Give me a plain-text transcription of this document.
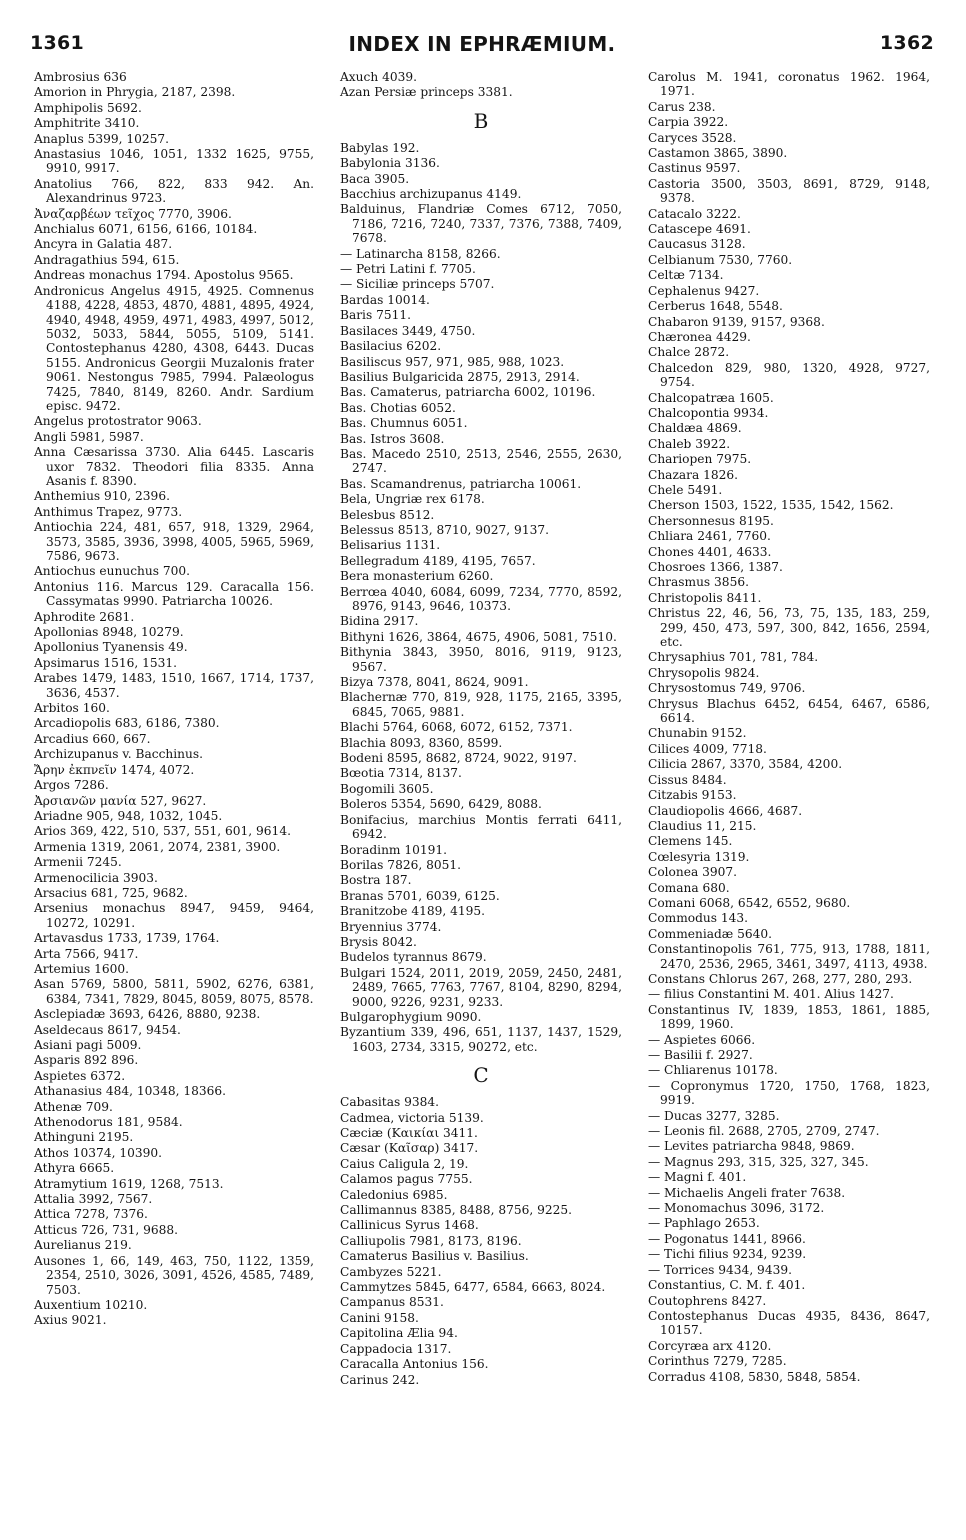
1361	INDEX IN EPHRÆMIUM.	1362
Ambrosius 636
Amorion in Phrygia, 2187, 2398.
Amphipolis 5692.
Amphitrite 3410.
Anaplus 5399, 10257.
Anastasius 1046, 1051, 1332 1625, 9755, 9910, 9917.
Anatolius 766, 822, 833 942. An. Alexandrinus 9723.
Ἀναζαρβέων τεῖχος 7770, 3906.
Anchialus 6071, 6156, 6166, 10184.
Ancyra in Galatia 487.
Andragathius 594, 615.
Andreas monachus 1794. Apostolus 9565.
Andronicus Angelus 4915, 4925. Comnenus 4188, 4228, 4853, 4870, 4881, 4895, 4924, 4940, 4948, 4959, 4971, 4983, 4997, 5012, 5032, 5033, 5844, 5055, 5109, 5141. Contostephanus 4280, 4308, 6443. Ducas 5155. Andronicus Georgii Muzalonis frater 9061. Nestongus 7985, 7994. Palæologus 7425, 7840, 8149, 8260. Andr. Sardium episc. 9472.
Angelus protostrator 9063.
Angli 5981, 5987.
Anna Cæsarissa 3730. Alia 6445. Lascaris uxor 7832. Theodori filia 8335. Anna Asanis f. 8390.
Anthemius 910, 2396.
Anthimus Trapez, 9773.
Antiochia 224, 481, 657, 918, 1329, 2964, 3573, 3585, 3936, 3998, 4005, 5965, 5969, 7586, 9673.
Antiochus eunuchus 700.
Antonius 116. Marcus 129. Caracalla 156. Cassymatas 9990. Patriarcha 10026.
Aphrodite 2681.
Apollonias 8948, 10279.
Apollonius Tyanensis 49.
Apsimarus 1516, 1531.
Arabes 1479, 1483, 1510, 1667, 1714, 1737, 3636, 4537.
Arbitos 160.
Arcadiopolis 683, 6186, 7380.
Arcadius 660, 667.
Archizupanus v. Bacchinus.
Ἄρην ἐκπνεῖν 1474, 4072.
Argos 7286.
Ἀρσιανῶν μανία 527, 9627.
Ariadne 905, 948, 1032, 1045.
Arios 369, 422, 510, 537, 551, 601, 9614.
Armenia 1319, 2061, 2074, 2381, 3900.
Armenii 7245.
Armenocilicia 3903.
Arsacius 681, 725, 9682.
Arsenius monachus 8947, 9459, 9464, 10272, 10291.
Artavasdus 1733, 1739, 1764.
Arta 7566, 9417.
Artemius 1600.
Asan 5769, 5800, 5811, 5902, 6276, 6381, 6384, 7341, 7829, 8045, 8059, 8075, 8578.
Asclepiadæ 3693, 6426, 8880, 9238.
Aseldecaus 8617, 9454.
Asiani pagi 5009.
Asparis 892 896.
Aspietes 6372.
Athanasius 484, 10348, 18366.
Athenæ 709.
Athenodorus 181, 9584.
Athinguni 2195.
Athos 10374, 10390.
Athyra 6665.
Atramytium 1619, 1268, 7513.
Attalia 3992, 7567.
Attica 7278, 7376.
Atticus 726, 731, 9688.
Aurelianus 219.
Ausones 1, 66, 149, 463, 750, 1122, 1359, 2354, 2510, 3026, 3091, 4526, 4585, 7489, 7503.
Auxentium 10210.
Axius 9021.
Axuch 4039.
Azan Persiæ princeps 3381.
B
Babylas 192.
Babylonia 3136.
Baca 3905.
Bacchius archizupanus 4149.
Balduinus, Flandriæ Comes 6712, 7050, 7186, 7216, 7240, 7337, 7376, 7388, 7409, 7678.
— Latinarcha 8158, 8266.
— Petri Latini f. 7705.
— Siciliæ princeps 5707.
Bardas 10014.
Baris 7511.
Basilaces 3449, 4750.
Basilacius 6202.
Basiliscus 957, 971, 985, 988, 1023.
Basilius Bulgaricida 2875, 2913, 2914.
Bas. Camaterus, patriarcha 6002, 10196.
Bas. Chotias 6052.
Bas. Chumnus 6051.
Bas. Istros 3608.
Bas. Macedo 2510, 2513, 2546, 2555, 2630, 2747.
Bas. Scamandrenus, patriarcha 10061.
Bela, Ungriæ rex 6178.
Belesbus 8512.
Belessus 8513, 8710, 9027, 9137.
Belisarius 1131.
Bellegradum 4189, 4195, 7657.
Bera monasterium 6260.
Berrœa 4040, 6084, 6099, 7234, 7770, 8592, 8976, 9143, 9646, 10373.
Bidina 2917.
Bithyni 1626, 3864, 4675, 4906, 5081, 7510.
Bithynia 3843, 3950, 8016, 9119, 9123, 9567.
Bizya 7378, 8041, 8624, 9091.
Blachernæ 770, 819, 928, 1175, 2165, 3395, 6845, 7065, 9881.
Blachi 5764, 6068, 6072, 6152, 7371.
Blachia 8093, 8360, 8599.
Bodeni 8595, 8682, 8724, 9022, 9197.
Bœotia 7314, 8137.
Bogomili 3605.
Boleros 5354, 5690, 6429, 8088.
Bonifacius, marchius Montis ferrati 6411, 6942.
Boradinm 10191.
Borilas 7826, 8051.
Bostra 187.
Branas 5701, 6039, 6125.
Branitzobe 4189, 4195.
Bryennius 3774.
Brysis 8042.
Budelos tyrannus 8679.
Bulgari 1524, 2011, 2019, 2059, 2450, 2481, 2489, 7665, 7763, 7767, 8104, 8290, 8294, 9000, 9226, 9231, 9233.
Bulgarophygium 9090.
Byzantium 339, 496, 651, 1137, 1437, 1529, 1603, 2734, 3315, 90272, etc.
C
Cabasitas 9384.
Cadmea, victoria 5139.
Cæciæ (Καικίαι 3411.
Cæsar (Καῖσαρ) 3417.
Caius Caligula 2, 19.
Calamos pagus 7755.
Caledonius 6985.
Callimannus 8385, 8488, 8756, 9225.
Callinicus Syrus 1468.
Calliupolis 7981, 8173, 8196.
Camaterus Basilius v. Basilius.
Cambyzes 5221.
Cammytzes 5845, 6477, 6584, 6663, 8024.
Campanus 8531.
Canini 9158.
Capitolina Ælia 94.
Cappadocia 1317.
Caracalla Antonius 156.
Carinus 242.
Carolus M. 1941, coronatus 1962. 1964, 1971.
Carus 238.
Carpia 3922.
Caryces 3528.
Castamon 3865, 3890.
Castinus 9597.
Castoria 3500, 3503, 8691, 8729, 9148, 9378.
Catacalo 3222.
Catascepe 4691.
Caucasus 3128.
Celbianum 7530, 7760.
Celtæ 7134.
Cephalenus 9427.
Cerberus 1648, 5548.
Chabaron 9139, 9157, 9368.
Chæronea 4429.
Chalce 2872.
Chalcedon 829, 980, 1320, 4928, 9727, 9754.
Chalcopatræa 1605.
Chalcopontia 9934.
Chaldæa 4869.
Chaleb 3922.
Chariopen 7975.
Chazara 1826.
Chele 5491.
Cherson 1503, 1522, 1535, 1542, 1562.
Chersonnesus 8195.
Chliara 2461, 7760.
Chones 4401, 4633.
Chosroes 1366, 1387.
Chrasmus 3856.
Christopolis 8411.
Christus 22, 46, 56, 73, 75, 135, 183, 259, 299, 450, 473, 597, 300, 842, 1656, 2594, etc.
Chrysaphius 701, 781, 784.
Chrysopolis 9824.
Chrysostomus 749, 9706.
Chrysus Blachus 6452, 6454, 6467, 6586, 6614.
Chunabin 9152.
Cilices 4009, 7718.
Cilicia 2867, 3370, 3584, 4200.
Cissus 8484.
Citzabis 9153.
Claudiopolis 4666, 4687.
Claudius 11, 215.
Clemens 145.
Cœlesyria 1319.
Colonea 3907.
Comana 680.
Comani 6068, 6542, 6552, 9680.
Commodus 143.
Commeniadæ 5640.
Constantinopolis 761, 775, 913, 1788, 1811, 2470, 2536, 2965, 3461, 3497, 4113, 4938.
Constans Chlorus 267, 268, 277, 280, 293.
— filius Constantini M. 401. Alius 1427.
Constantinus IV, 1839, 1853, 1861, 1885, 1899, 1960.
— Aspietes 6066.
— Basilii f. 2927.
— Chliarenus 10178.
— Copronymus 1720, 1750, 1768, 1823, 9919.
— Ducas 3277, 3285.
— Leonis fil. 2688, 2705, 2709, 2747.
— Levites patriarcha 9848, 9869.
— Magnus 293, 315, 325, 327, 345.
— Magni f. 401.
— Michaelis Angeli frater 7638.
— Monomachus 3096, 3172.
— Paphlago 2653.
— Pogonatus 1441, 8966.
— Tichi filius 9234, 9239.
— Torrices 9434, 9439.
Constantius, C. M. f. 401.
Coutophrens 8427.
Contostephanus Ducas 4935, 8436, 8647, 10157.
Corcyræa arx 4120.
Corinthus 7279, 7285.
Corradus 4108, 5830, 5848, 5854.
